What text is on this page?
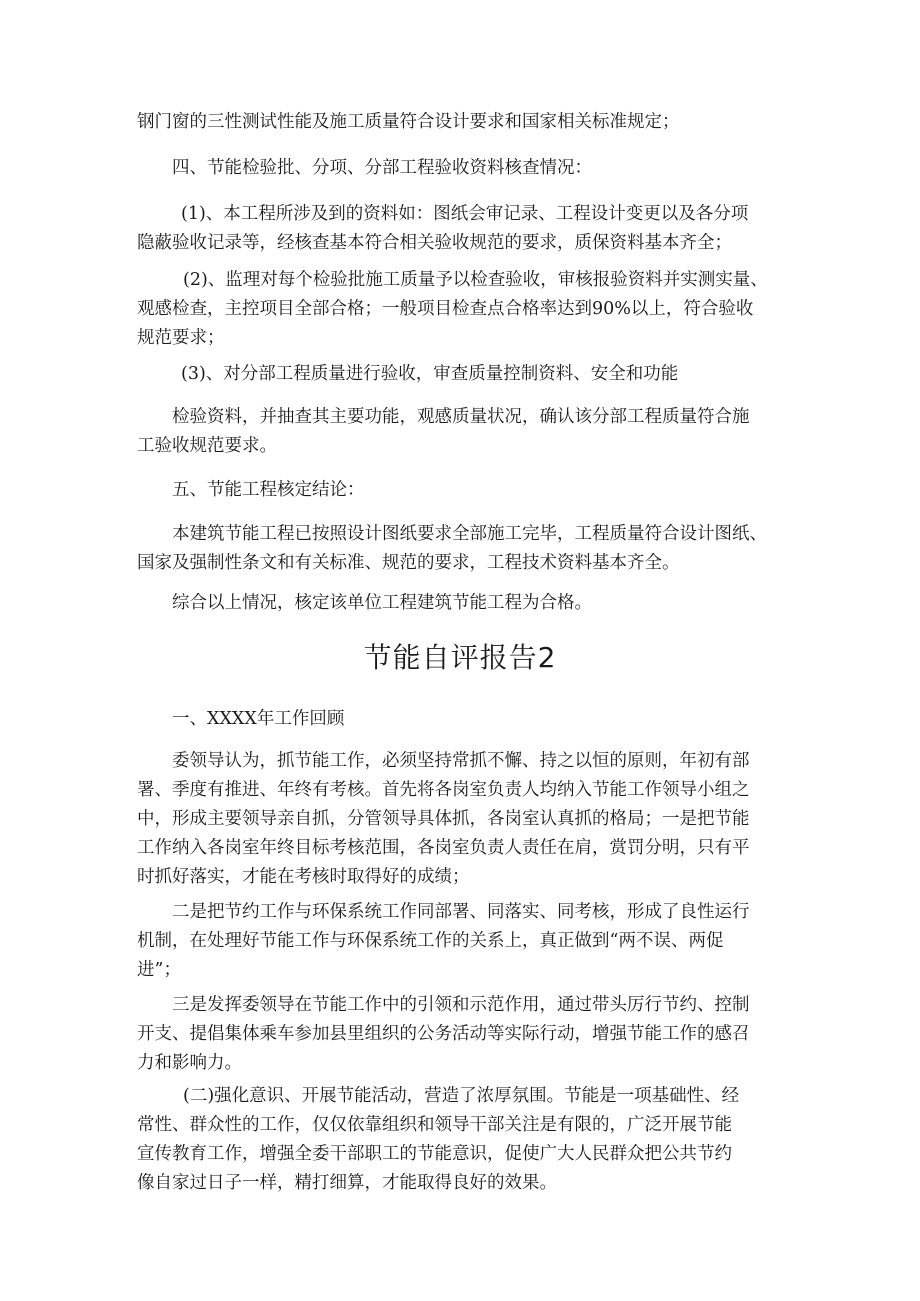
钢门窗的三性测试性能及施工质量符合设计要求和国家相关标准规定；
四、节能检验批、分项、分部工程验收资料核查情况：
(1)、本工程所涉及到的资料如：图纸会审记录、工程设计变更以及各分项
隐蔽验收记录等，经核查基本符合相关验收规范的要求，质保资料基本齐全；
(2)、监理对每个检验批施工质量予以检查验收，审核报验资料并实测实量、
观感检查，主控项目全部合格；一般项目检查点合格率达到90%以上，符合验收
规范要求；
(3)、对分部工程质量进行验收，审查质量控制资料、安全和功能
检验资料，并抽查其主要功能，观感质量状况，确认该分部工程质量符合施
工验收规范要求。
五、节能工程核定结论：
本建筑节能工程已按照设计图纸要求全部施工完毕，工程质量符合设计图纸、
国家及强制性条文和有关标准、规范的要求，工程技术资料基本齐全。
综合以上情况，核定该单位工程建筑节能工程为合格。
节能自评报告2
一、XXXX年工作回顾
委领导认为，抓节能工作，必须坚持常抓不懈、持之以恒的原则，年初有部
署、季度有推进、年终有考核。首先将各岗室负责人均纳入节能工作领导小组之
中，形成主要领导亲自抓，分管领导具体抓，各岗室认真抓的格局；一是把节能
工作纳入各岗室年终目标考核范围，各岗室负责人责任在肩，赏罚分明，只有平
时抓好落实，才能在考核时取得好的成绩；
二是把节约工作与环保系统工作同部署、同落实、同考核，形成了良性运行
机制，在处理好节能工作与环保系统工作的关系上，真正做到“两不误、两促
进”；
三是发挥委领导在节能工作中的引领和示范作用，通过带头厉行节约、控制
开支、提倡集体乘车参加县里组织的公务活动等实际行动，增强节能工作的感召
力和影响力。
(二)强化意识、开展节能活动，营造了浓厚氛围。节能是一项基础性、经
常性、群众性的工作，仅仅依靠组织和领导干部关注是有限的，广泛开展节能
宣传教育工作，增强全委干部职工的节能意识，促使广大人民群众把公共节约
像自家过日子一样，精打细算，才能取得良好的效果。
